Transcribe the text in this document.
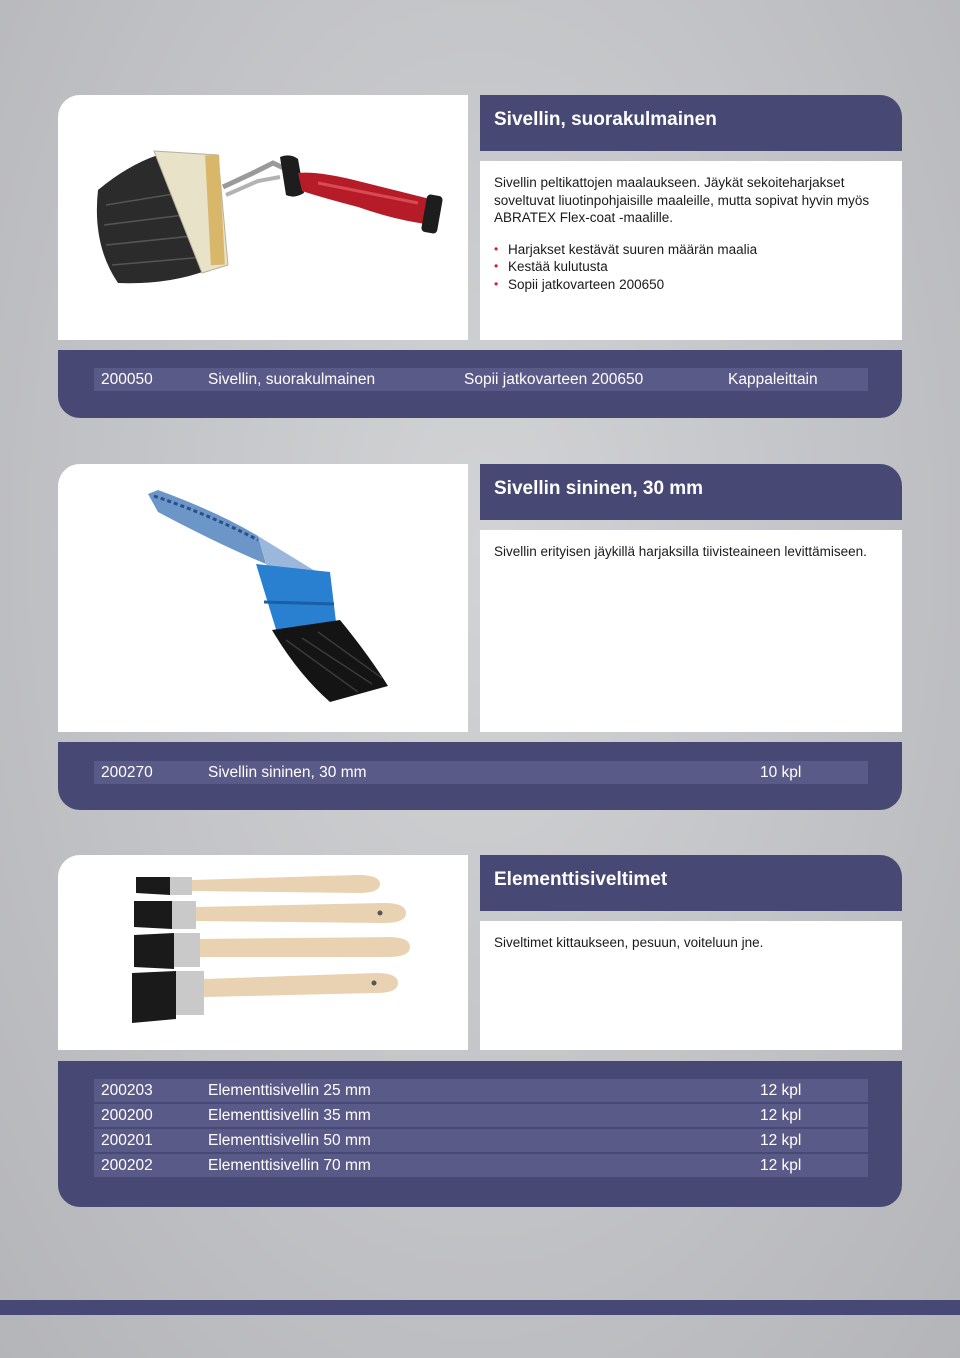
Sivellin, suorakulmainen

Sivellin peltikattojen maalaukseen. Jäykät sekoiteharjakset soveltuvat liuotinpohjaisille maaleille, mutta sopivat hyvin myös ABRATEX Flex-coat -maalille.

• Harjakset kestävät suuren määrän maalia
• Kestää kulutusta
• Sopii jatkovarteen 200650
200050	Sivellin, suorakulmainen	Sopii jatkovarteen 200650	Kappaleittain
Sivellin sininen, 30 mm

Sivellin erityisen jäykillä harjaksilla tiivisteaineen levittämiseen.

200270	Sivellin sininen, 30 mm	10 kpl
Elementtisiveltimet

Siveltimet kittaukseen, pesuun, voiteluun jne.

200203	Elementtisivellin 25 mm	12 kpl
200200	Elementtisivellin 35 mm	12 kpl
200201	Elementtisivellin 50 mm	12 kpl
200202	Elementtisivellin 70 mm	12 kpl
